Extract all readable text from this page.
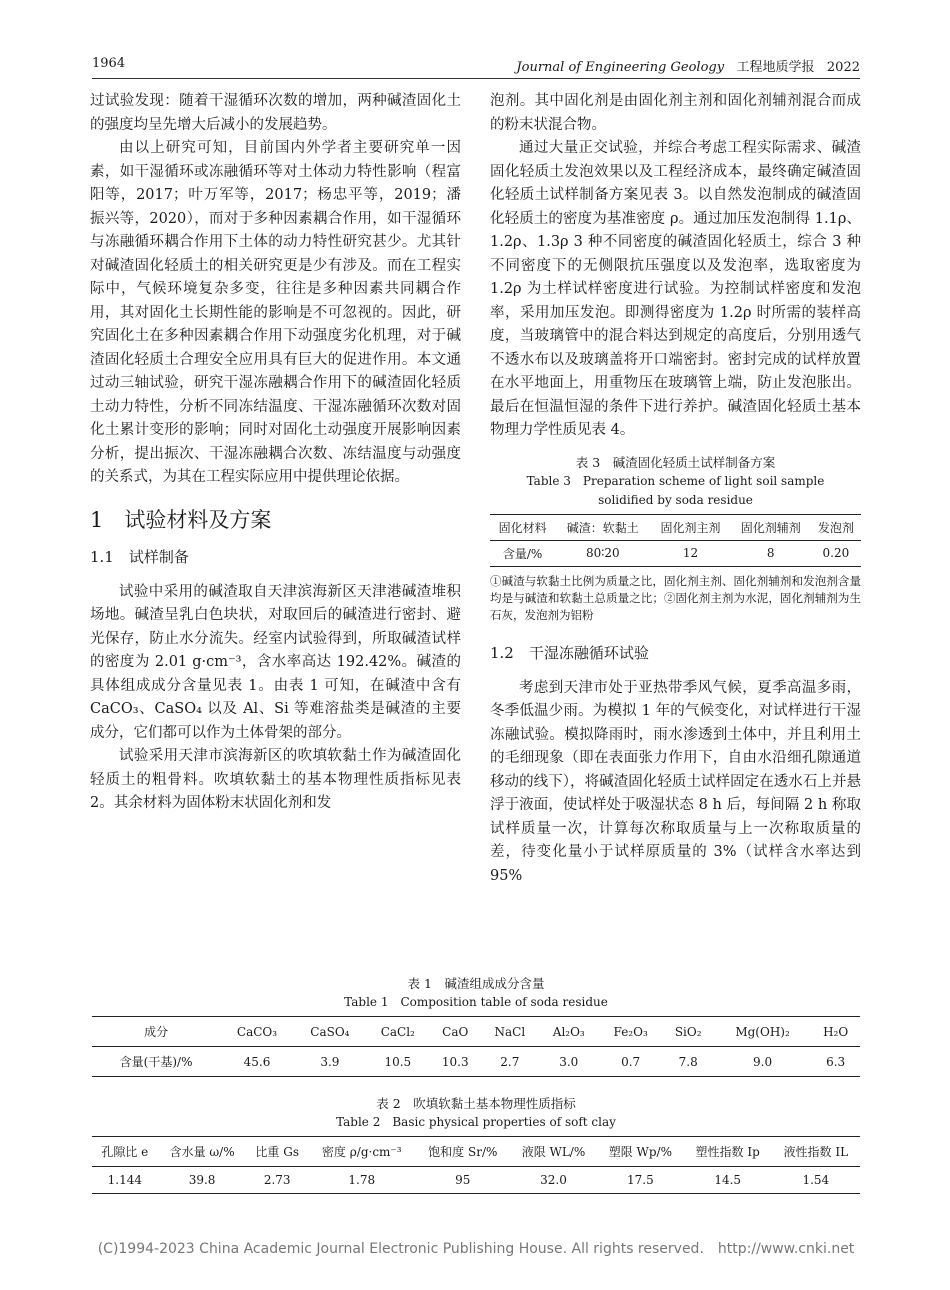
1964	Journal of Engineering Geology 工程地质学报 2022

过试验发现：随着干湿循环次数的增加，两种碱渣固化土的强度均呈先增大后减小的发展趋势。

由以上研究可知，目前国内外学者主要研究单一因素，如干湿循环或冻融循环等对土体动力特性影响（程富阳等，2017；叶万军等，2017；杨忠平等，2019；潘振兴等，2020），而对于多种因素耦合作用，如干湿循环与冻融循环耦合作用下土体的动力特性研究甚少。尤其针对碱渣固化轻质土的相关研究更是少有涉及。而在工程实际中，气候环境复杂多变，往往是多种因素共同耦合作用，其对固化土长期性能的影响是不可忽视的。因此，研究固化土在多种因素耦合作用下动强度劣化机理，对于碱渣固化轻质土合理安全应用具有巨大的促进作用。本文通过动三轴试验，研究干湿冻融耦合作用下的碱渣固化轻质土动力特性，分析不同冻结温度、干湿冻融循环次数对固化土累计变形的影响；同时对固化土动强度开展影响因素分析，提出振次、干湿冻融耦合次数、冻结温度与动强度的关系式，为其在工程实际应用中提供理论依据。

1　试验材料及方案
1.1　试样制备

试验中采用的碱渣取自天津滨海新区天津港碱渣堆积场地。碱渣呈乳白色块状，对取回后的碱渣进行密封、避光保存，防止水分流失。经室内试验得到，所取碱渣试样的密度为 2.01 g·cm⁻³，含水率高达 192.42%。碱渣的具体组成成分含量见表 1。由表 1 可知，在碱渣中含有 CaCO₃、CaSO₄ 以及 Al、Si 等难溶盐类是碱渣的主要成分，它们都可以作为土体骨架的部分。

试验采用天津市滨海新区的吹填软黏土作为碱渣固化轻质土的粗骨料。吹填软黏土的基本物理性质指标见表 2。其余材料为固体粉末状固化剂和发

泡剂。其中固化剂是由固化剂主剂和固化剂辅剂混合而成的粉末状混合物。

通过大量正交试验，并综合考虑工程实际需求、碱渣固化轻质土发泡效果以及工程经济成本，最终确定碱渣固化轻质土试样制备方案见表 3。以自然发泡制成的碱渣固化轻质土的密度为基准密度 ρ。通过加压发泡制得 1.1ρ、1.2ρ、1.3ρ 3 种不同密度的碱渣固化轻质土，综合 3 种不同密度下的无侧限抗压强度以及发泡率，选取密度为 1.2ρ 为土样试样密度进行试验。为控制试样密度和发泡率，采用加压发泡。即测得密度为 1.2ρ 时所需的装样高度，当玻璃管中的混合料达到规定的高度后，分别用透气不透水布以及玻璃盖将开口端密封。密封完成的试样放置在水平地面上，用重物压在玻璃管上端，防止发泡胀出。最后在恒温恒湿的条件下进行养护。碱渣固化轻质土基本物理力学性质见表 4。

表 3　碱渣固化轻质土试样制备方案
Table 3　Preparation scheme of light soil sample
solidified by soda residue
固化材料	碱渣：软黏土	固化剂主剂	固化剂辅剂	发泡剂
含量/%	80∶20	12	8	0.20
①碱渣与软黏土比例为质量之比，固化剂主剂、固化剂辅剂和发泡剂含量均是与碱渣和软黏土总质量之比；②固化剂主剂为水泥，固化剂辅剂为生石灰，发泡剂为铝粉
1.2　干湿冻融循环试验

考虑到天津市处于亚热带季风气候，夏季高温多雨，冬季低温少雨。为模拟 1 年的气候变化，对试样进行干湿冻融试验。模拟降雨时，雨水渗透到土体中，并且利用土的毛细现象（即在表面张力作用下，自由水沿细孔隙通道移动的线下），将碱渣固化轻质土试样固定在透水石上并悬浮于液面，使试样处于吸湿状态 8 h 后，每间隔 2 h 称取试样质量一次，计算每次称取质量与上一次称取质量的差，待变化量小于试样原质量的 3%（试样含水率达到 95%

表 1　碱渣组成成分含量
Table 1　Composition table of soda residue
成分	CaCO₃	CaSO₄	CaCl₂	CaO	NaCl	Al₂O₃	Fe₂O₃	SiO₂	Mg(OH)₂	H₂O
含量(干基)/%	45.6	3.9	10.5	10.3	2.7	3.0	0.7	7.8	9.0	6.3
表 2　吹填软黏土基本物理性质指标
Table 2　Basic physical properties of soft clay
孔隙比 e	含水量 ω/%	比重 Gs	密度 ρ/g·cm⁻³	饱和度 Sr/%	液限 WL/%	塑限 Wp/%	塑性指数 Ip	液性指数 IL
1.144	39.8	2.73	1.78	95	32.0	17.5	14.5	1.54
(C)1994-2023 China Academic Journal Electronic Publishing House. All rights reserved.　http://www.cnki.net
